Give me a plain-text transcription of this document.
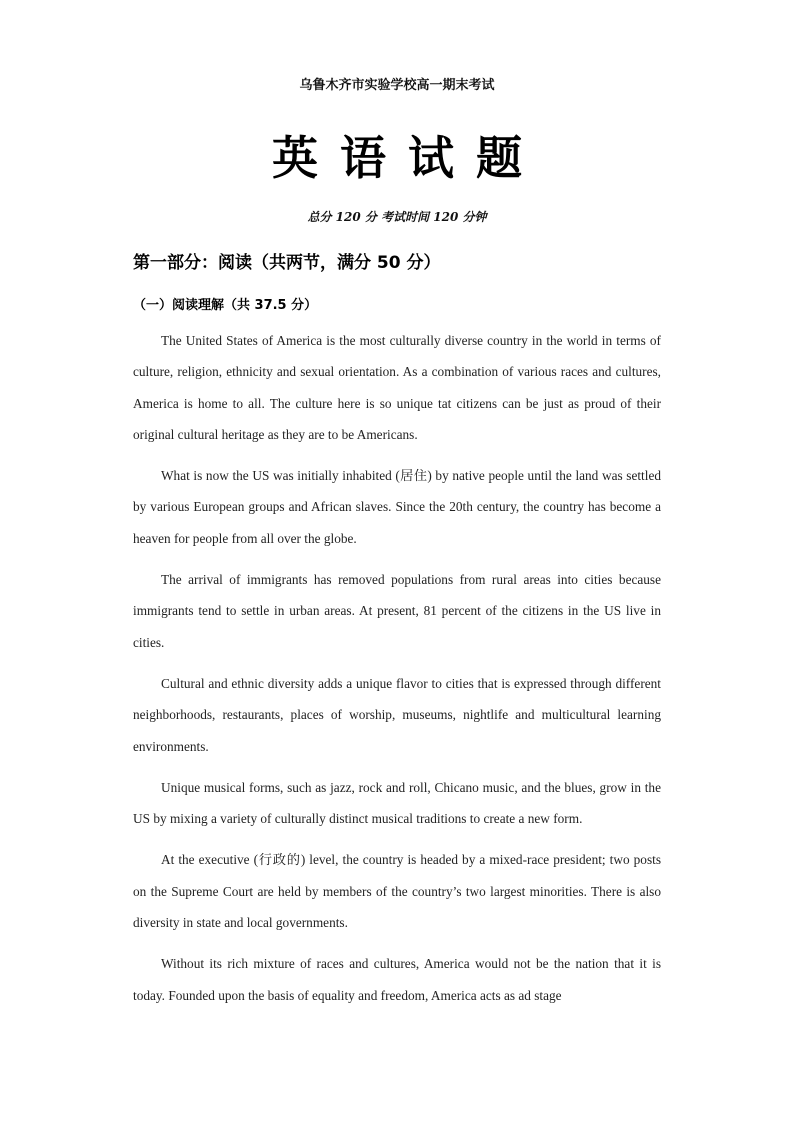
乌鲁木齐市实验学校高一期末考试
英语试题
总分 120 分 考试时间 120 分钟
第一部分：阅读（共两节，满分 50 分）
（一）阅读理解（共 37.5 分）

The United States of America is the most culturally diverse country in the world in terms of culture, religion, ethnicity and sexual orientation. As a combination of various races and cultures, America is home to all. The culture here is so unique tat citizens can be just as proud of their original cultural heritage as they are to be Americans.

What is now the US was initially inhabited (居住) by native people until the land was settled by various European groups and African slaves. Since the 20th century, the country has become a heaven for people from all over the globe.

The arrival of immigrants has removed populations from rural areas into cities because immigrants tend to settle in urban areas. At present, 81 percent of the citizens in the US live in cities.

Cultural and ethnic diversity adds a unique flavor to cities that is expressed through different neighborhoods, restaurants, places of worship, museums, nightlife and multicultural learning environments.

Unique musical forms, such as jazz, rock and roll, Chicano music, and the blues, grow in the US by mixing a variety of culturally distinct musical traditions to create a new form.

At the executive (行政的) level, the country is headed by a mixed-race president; two posts on the Supreme Court are held by members of the country’s two largest minorities. There is also diversity in state and local governments.

Without its rich mixture of races and cultures, America would not be the nation that it is today. Founded upon the basis of equality and freedom, America acts as ad stage
